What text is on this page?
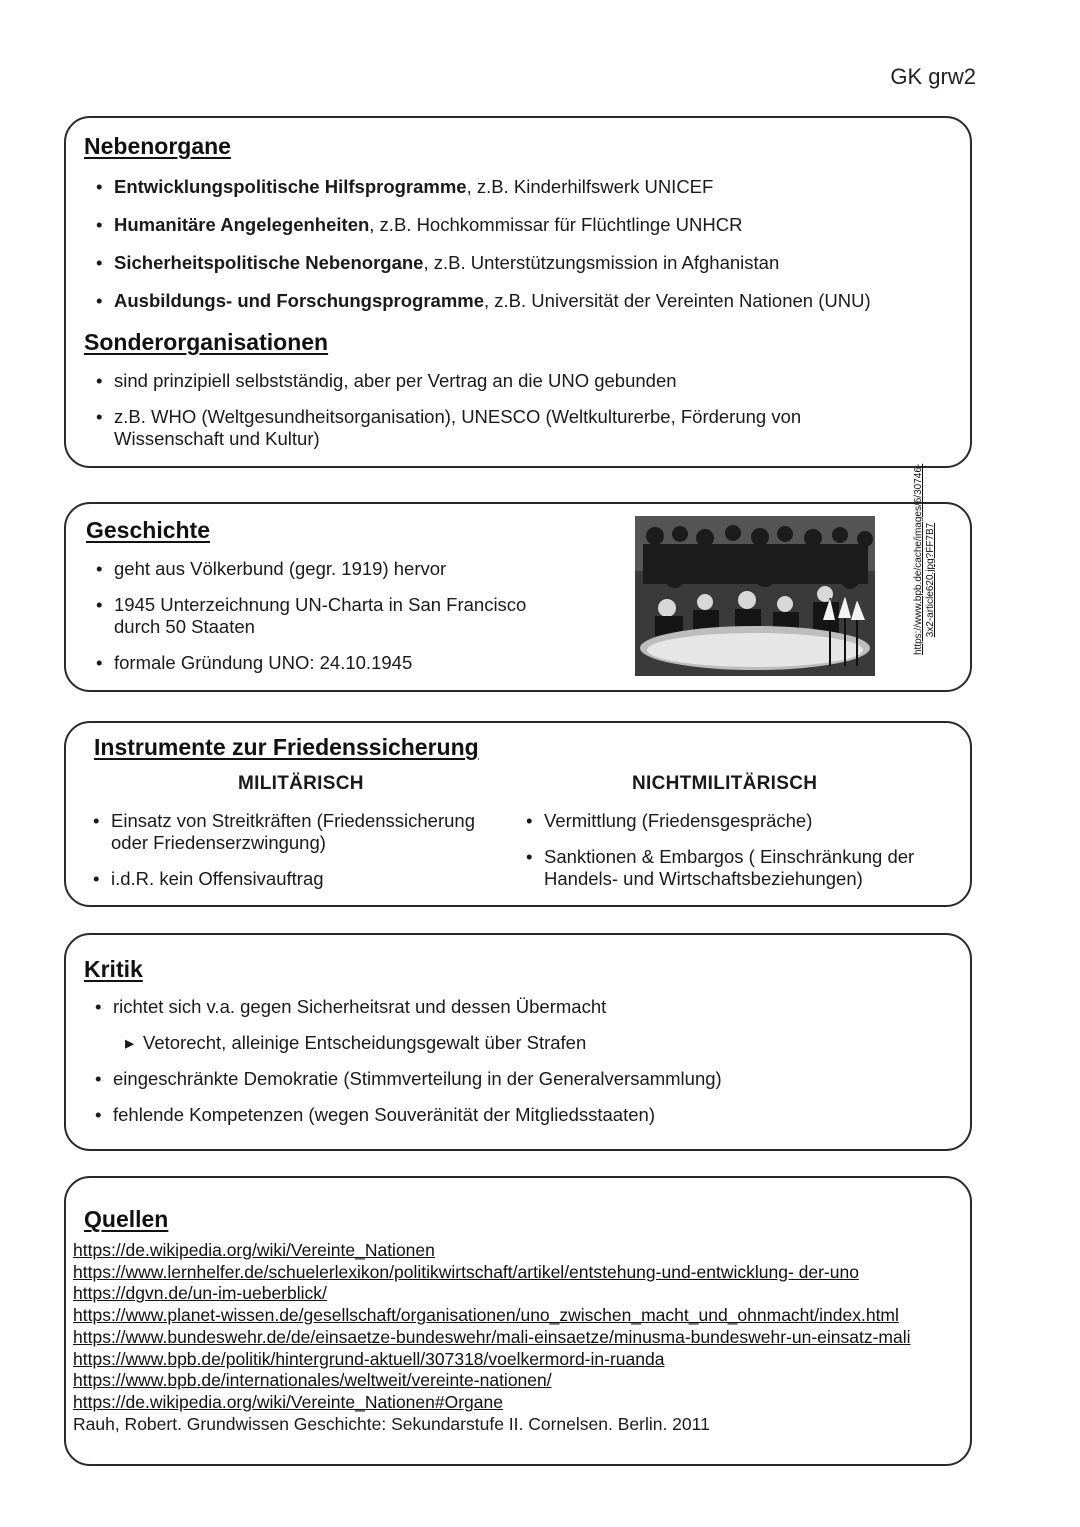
GK grw2
Nebenorgane
• Entwicklungspolitische Hilfsprogramme, z.B. Kinderhilfswerk UNICEF
• Humanitäre Angelegenheiten, z.B. Hochkommissar für Flüchtlinge UNHCR
• Sicherheitspolitische Nebenorgane, z.B. Unterstützungsmission in Afghanistan
• Ausbildungs- und Forschungsprogramme, z.B. Universität der Vereinten Nationen (UNU)
Sonderorganisationen
• sind prinzipiell selbstständig, aber per Vertrag an die UNO gebunden
• z.B. WHO (Weltgesundheitsorganisation), UNESCO (Weltkulturerbe, Förderung von Wissenschaft und Kultur)
Geschichte
• geht aus Völkerbund (gegr. 1919) hervor
• 1945 Unterzeichnung UN-Charta in San Francisco durch 50 Staaten
• formale Gründung UNO: 24.10.1945
https://www.bpb.de/cache/images/6/30746-3x2-article620.jpg?FF7B7
Instrumente zur Friedenssicherung
MILITÄRISCH	NICHTMILITÄRISCH
• Einsatz von Streitkräften (Friedenssicherung oder Friedenserzwingung)
• i.d.R. kein Offensivauftrag
• Vermittlung (Friedensgespräche)
• Sanktionen & Embargos ( Einschränkung der Handels- und Wirtschaftsbeziehungen)
Kritik
• richtet sich v.a. gegen Sicherheitsrat und dessen Übermacht
▸ Vetorecht, alleinige Entscheidungsgewalt über Strafen
• eingeschränkte Demokratie (Stimmverteilung in der Generalversammlung)
• fehlende Kompetenzen (wegen Souveränität der Mitgliedsstaaten)
Quellen
https://de.wikipedia.org/wiki/Vereinte_Nationen
https://www.lernhelfer.de/schuelerlexikon/politikwirtschaft/artikel/entstehung-und-entwicklung- der-uno
https://dgvn.de/un-im-ueberblick/
https://www.planet-wissen.de/gesellschaft/organisationen/uno_zwischen_macht_und_ohnmacht/index.html
https://www.bundeswehr.de/de/einsaetze-bundeswehr/mali-einsaetze/minusma-bundeswehr-un-einsatz-mali
https://www.bpb.de/politik/hintergrund-aktuell/307318/voelkermord-in-ruanda
https://www.bpb.de/internationales/weltweit/vereinte-nationen/
https://de.wikipedia.org/wiki/Vereinte_Nationen#Organe
Rauh, Robert. Grundwissen Geschichte: Sekundarstufe II. Cornelsen. Berlin. 2011
